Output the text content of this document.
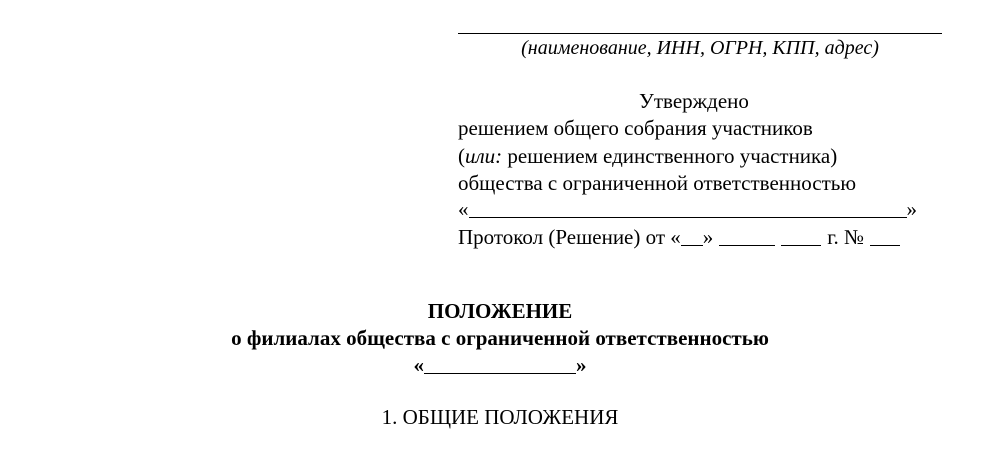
(наименование, ИНН, ОГРН, КПП, адрес)
Утверждено
решением общего собрания участников
(или: решением единственного участника)
общества с ограниченной ответственностью
«	»
Протокол (Решение) от « »	г. №
ПОЛОЖЕНИЕ
о филиалах общества с ограниченной ответственностью
«	»
1. ОБЩИЕ ПОЛОЖЕНИЯ
